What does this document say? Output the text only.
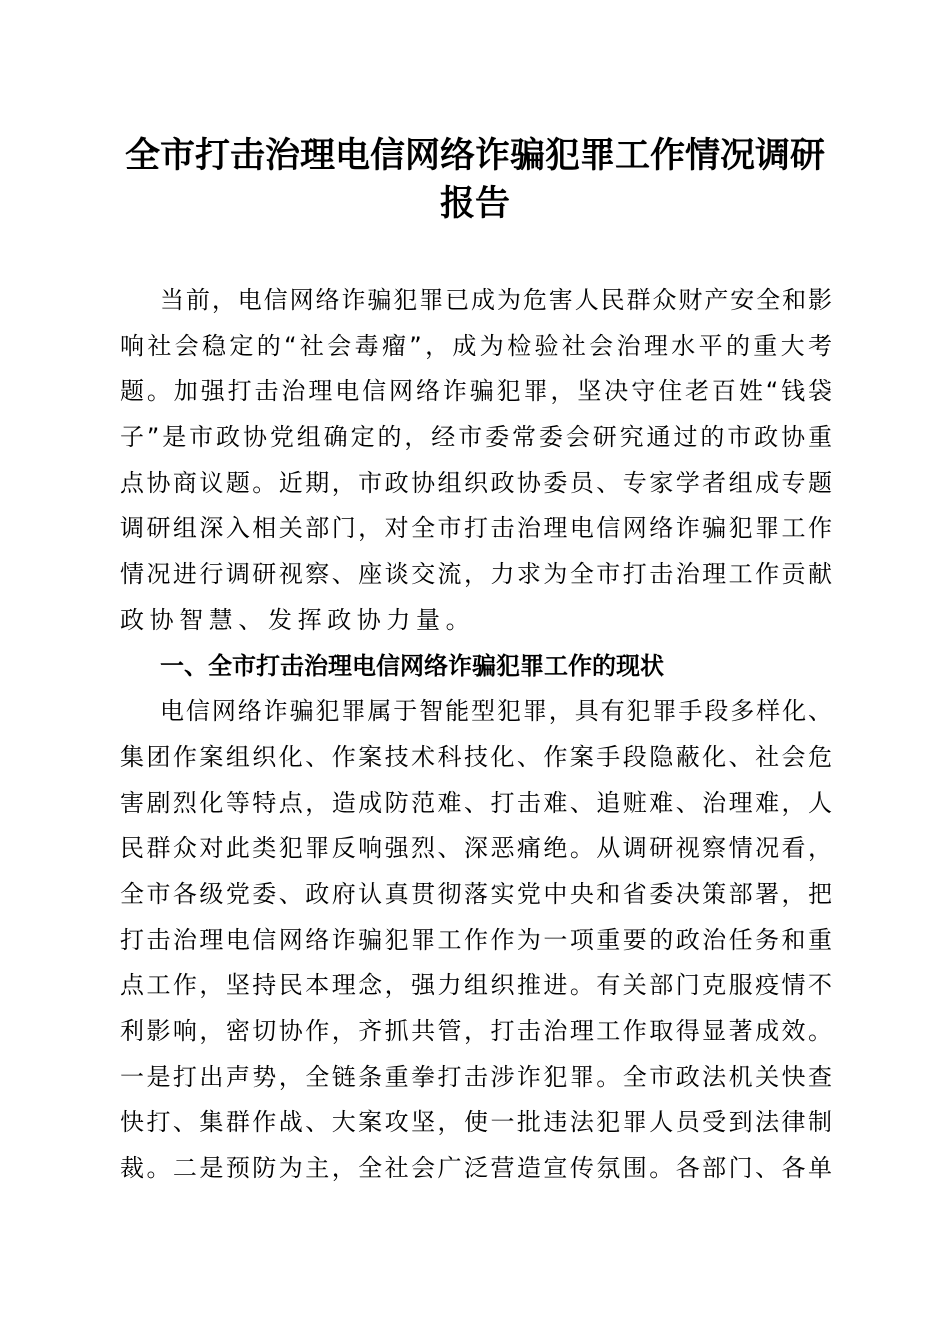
全市打击治理电信网络诈骗犯罪工作情况调研
报告
当前，电信网络诈骗犯罪已成为危害人民群众财产安全和影
响社会稳定的“社会毒瘤”，成为检验社会治理水平的重大考
题。加强打击治理电信网络诈骗犯罪，坚决守住老百姓“钱袋
子”是市政协党组确定的，经市委常委会研究通过的市政协重
点协商议题。近期，市政协组织政协委员、专家学者组成专题
调研组深入相关部门，对全市打击治理电信网络诈骗犯罪工作
情况进行调研视察、座谈交流，力求为全市打击治理工作贡献
政协智慧、发挥政协力量。
一、全市打击治理电信网络诈骗犯罪工作的现状
电信网络诈骗犯罪属于智能型犯罪，具有犯罪手段多样化、
集团作案组织化、作案技术科技化、作案手段隐蔽化、社会危
害剧烈化等特点，造成防范难、打击难、追赃难、治理难，人
民群众对此类犯罪反响强烈、深恶痛绝。从调研视察情况看，
全市各级党委、政府认真贯彻落实党中央和省委决策部署，把
打击治理电信网络诈骗犯罪工作作为一项重要的政治任务和重
点工作，坚持民本理念，强力组织推进。有关部门克服疫情不
利影响，密切协作，齐抓共管，打击治理工作取得显著成效。
一是打出声势，全链条重拳打击涉诈犯罪。全市政法机关快查
快打、集群作战、大案攻坚，使一批违法犯罪人员受到法律制
裁。二是预防为主，全社会广泛营造宣传氛围。各部门、各单
